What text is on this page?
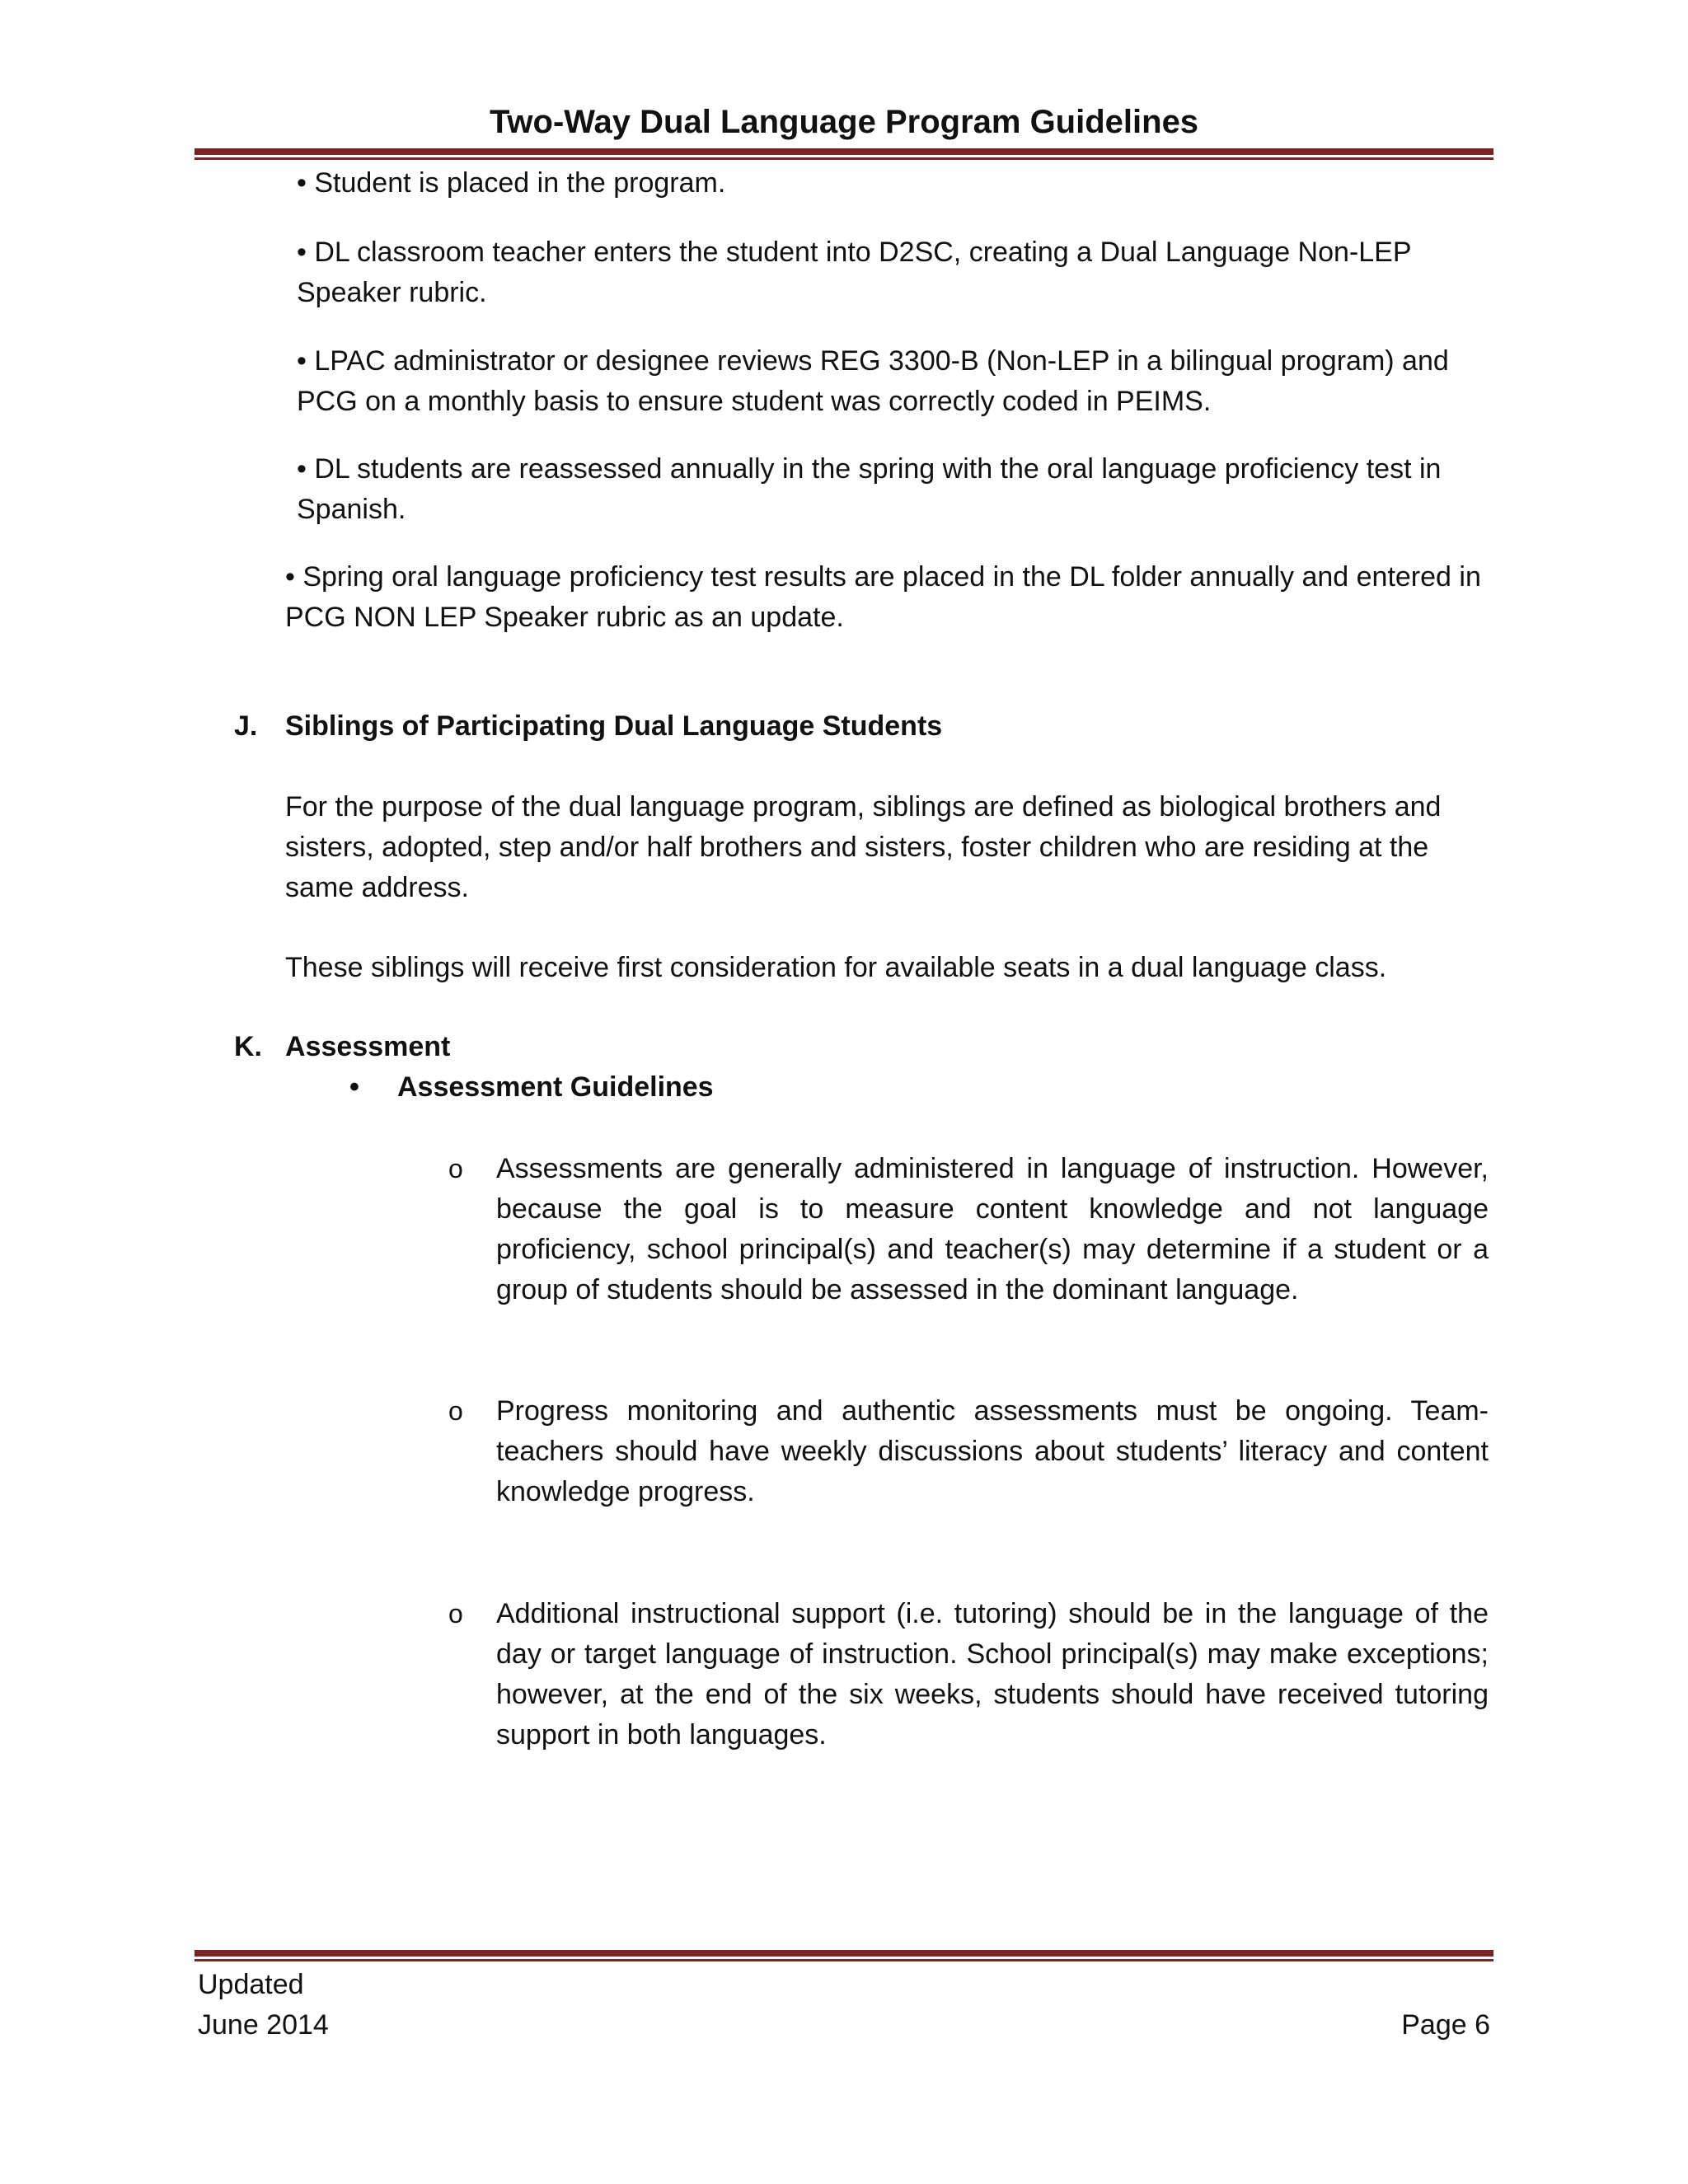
Two-Way Dual Language Program Guidelines

• Student is placed in the program.

• DL classroom teacher enters the student into D2SC, creating a Dual Language Non-LEP Speaker rubric.

• LPAC administrator or designee reviews REG 3300-B (Non-LEP in a bilingual program) and PCG on a monthly basis to ensure student was correctly coded in PEIMS.

• DL students are reassessed annually in the spring with the oral language proficiency test in Spanish.

• Spring oral language proficiency test results are placed in the DL folder annually and entered in PCG NON LEP Speaker rubric as an update.

J. Siblings of Participating Dual Language Students

For the purpose of the dual language program, siblings are defined as biological brothers and sisters, adopted, step and/or half brothers and sisters, foster children who are residing at the same address.

These siblings will receive first consideration for available seats in a dual language class.

K. Assessment
• Assessment Guidelines
o Assessments are generally administered in language of instruction. However, because the goal is to measure content knowledge and not language proficiency, school principal(s) and teacher(s) may determine if a student or a group of students should be assessed in the dominant language.

o Progress monitoring and authentic assessments must be ongoing. Team-teachers should have weekly discussions about students’ literacy and content knowledge progress.

o Additional instructional support (i.e. tutoring) should be in the language of the day or target language of instruction. School principal(s) may make exceptions; however, at the end of the six weeks, students should have received tutoring support in both languages.

Updated
June 2014	Page 6
